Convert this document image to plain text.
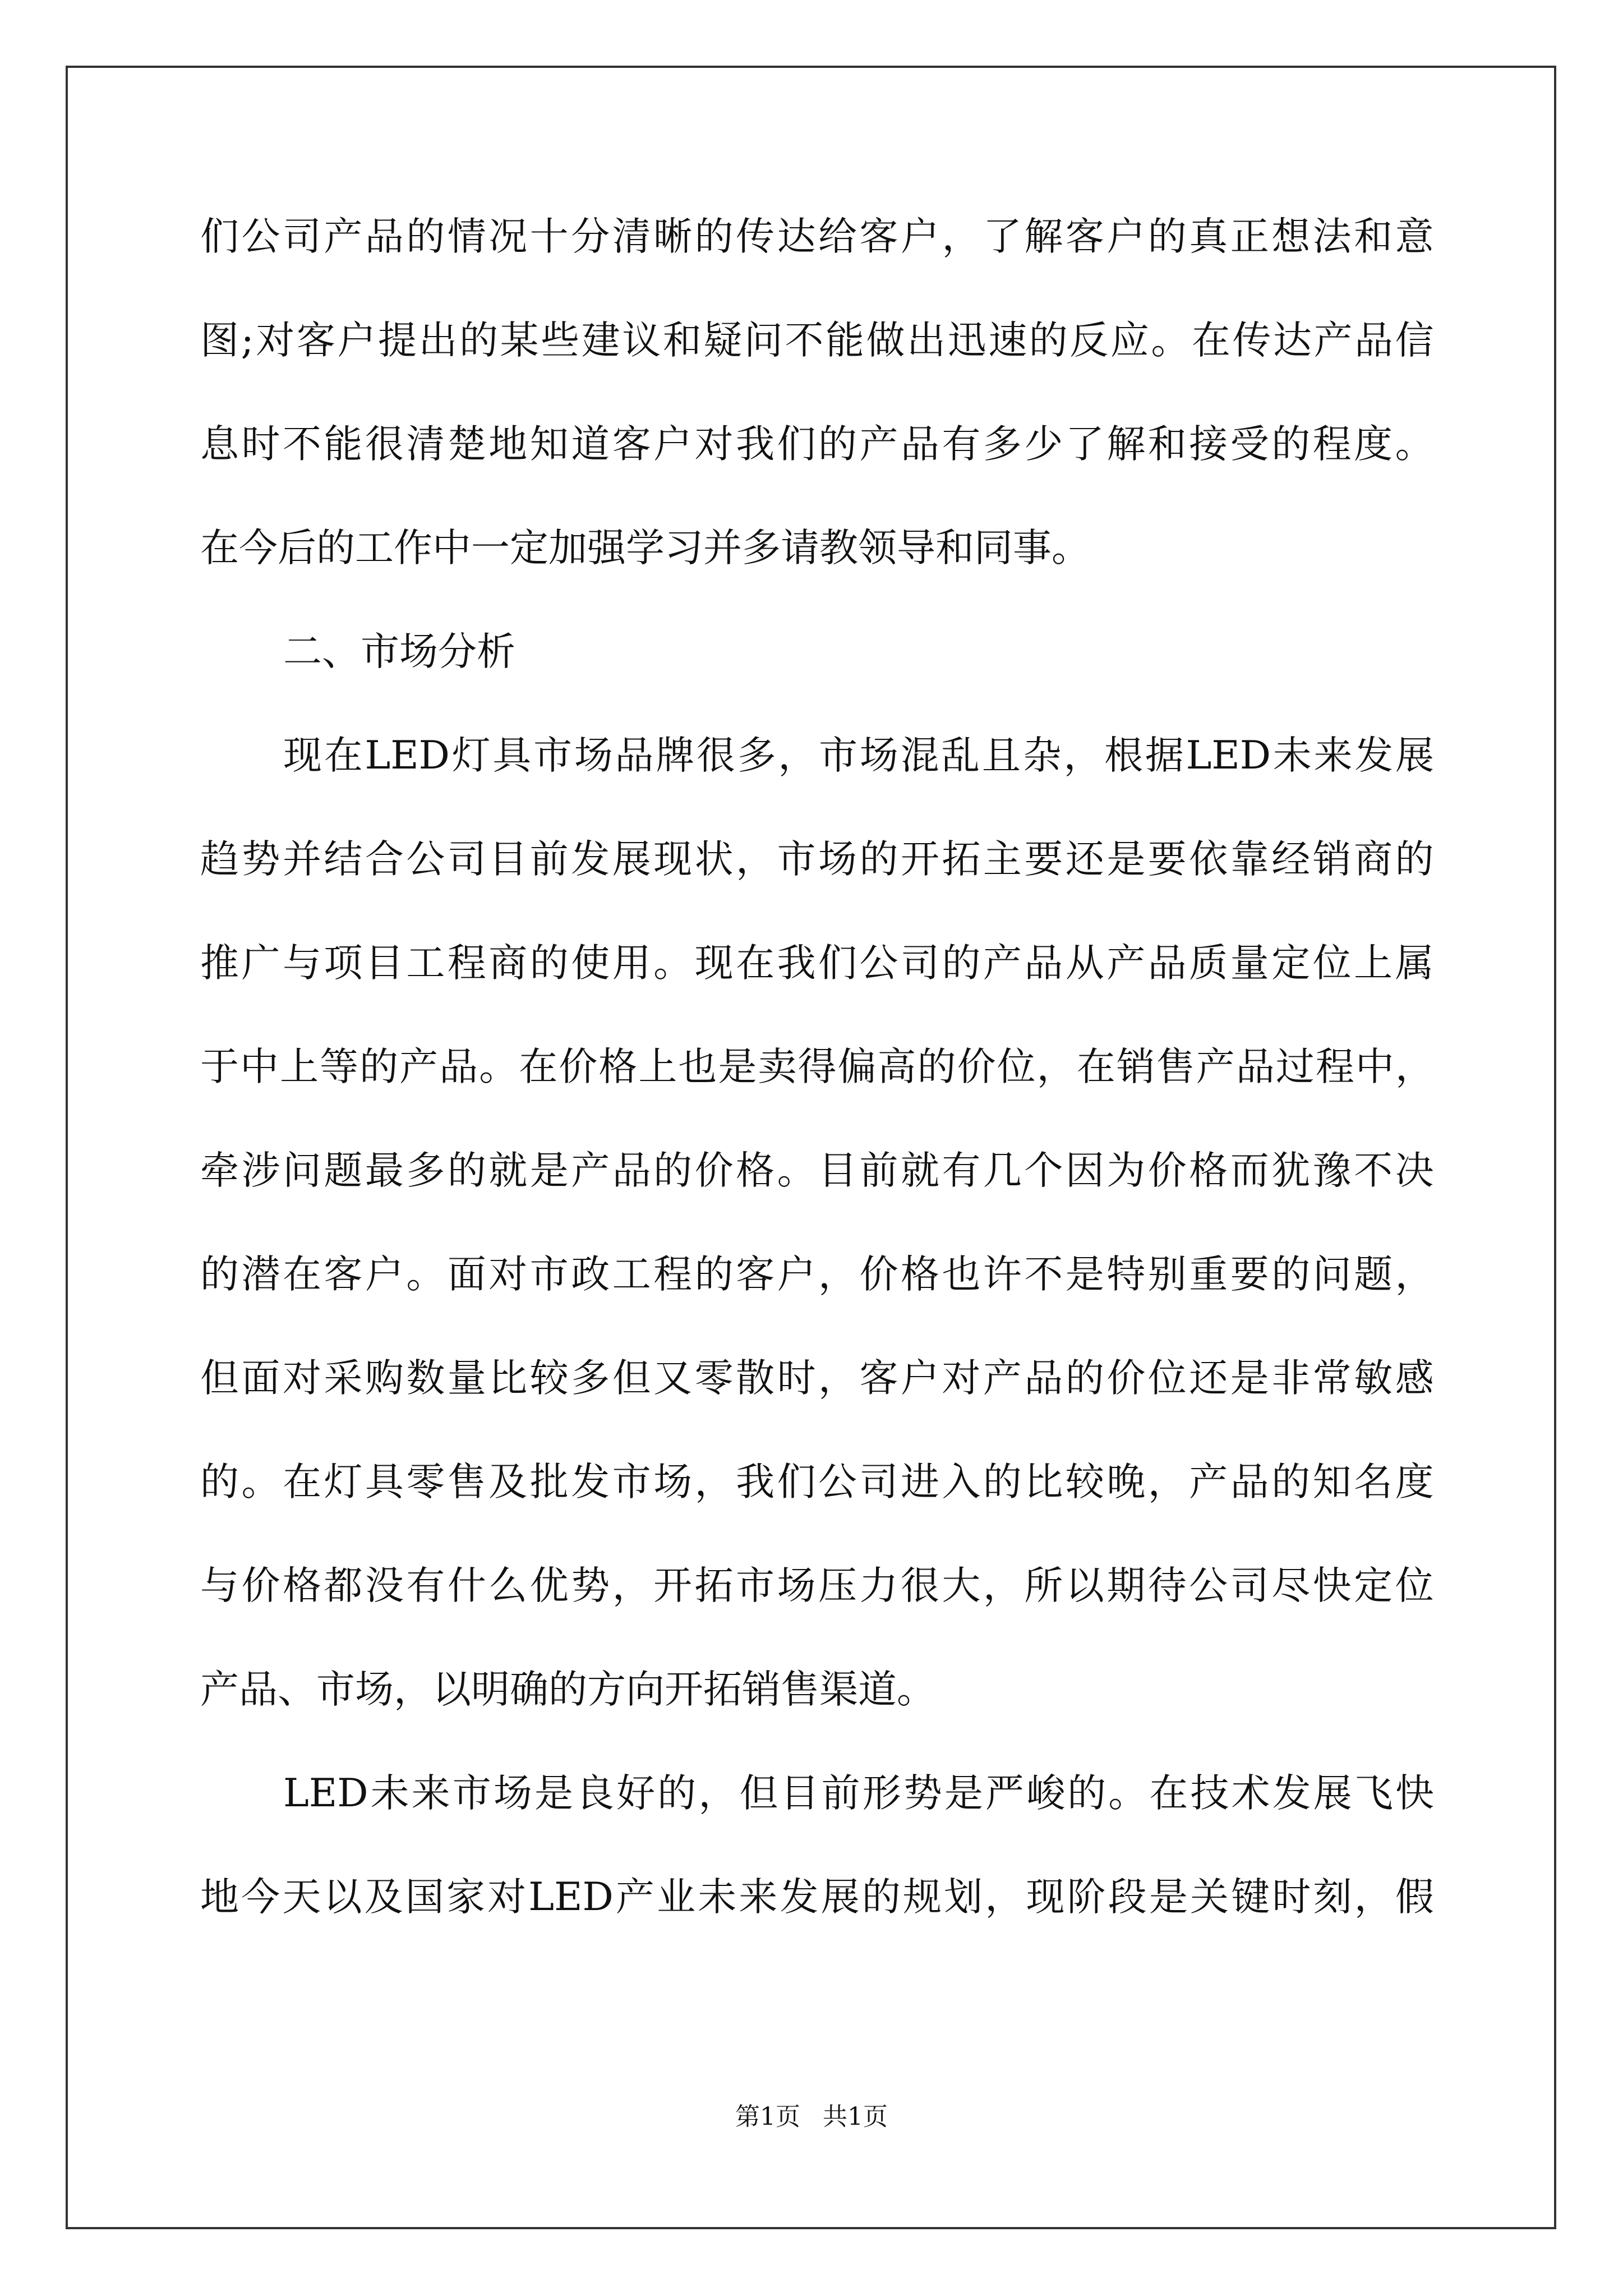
们 公 司 产 品 的 情 况 十 分 清 晰 的 传 达 给 客 户 ， 了 解 客 户 的 真 正 想 法 和 意
图 ; 对 客 户 提 出 的 某 些 建 议 和 疑 问 不 能 做 出 迅 速 的 反 应 。 在 传 达 产 品 信
息 时 不 能 很 清 楚 地 知 道 客 户 对 我 们 的 产 品 有 多 少 了 解 和 接 受 的 程 度 。
在今后的工作中一定加强学习并多请教领导和同事。
二、市场分析
现 在 LED 灯 具 市 场 品 牌 很 多 ， 市 场 混 乱 且 杂 ， 根 据 LED 未 来 发 展
趋 势 并 结 合 公 司 目 前 发 展 现 状 ， 市 场 的 开 拓 主 要 还 是 要 依 靠 经 销 商 的
推 广 与 项 目 工 程 商 的 使 用 。 现 在 我 们 公 司 的 产 品 从 产 品 质 量 定 位 上 属
于 中 上 等 的 产 品 。 在 价 格 上 也 是 卖 得 偏 高 的 价 位 ， 在 销 售 产 品 过 程 中 ，
牵 涉 问 题 最 多 的 就 是 产 品 的 价 格 。 目 前 就 有 几 个 因 为 价 格 而 犹 豫 不 决
的 潜 在 客 户 。 面 对 市 政 工 程 的 客 户 ， 价 格 也 许 不 是 特 别 重 要 的 问 题 ，
但 面 对 采 购 数 量 比 较 多 但 又 零 散 时 ， 客 户 对 产 品 的 价 位 还 是 非 常 敏 感
的 。 在 灯 具 零 售 及 批 发 市 场 ， 我 们 公 司 进 入 的 比 较 晚 ， 产 品 的 知 名 度
与 价 格 都 没 有 什 么 优 势 ， 开 拓 市 场 压 力 很 大 ， 所 以 期 待 公 司 尽 快 定 位
产品、市场，以明确的方向开拓销售渠道。
LED 未 来 市 场 是 良 好 的 ， 但 目 前 形 势 是 严 峻 的 。 在 技 术 发 展 飞 快
地 今 天 以 及 国 家 对 LED 产 业 未 来 发 展 的 规 划 ， 现 阶 段 是 关 键 时 刻 ， 假
第1页 共1页
